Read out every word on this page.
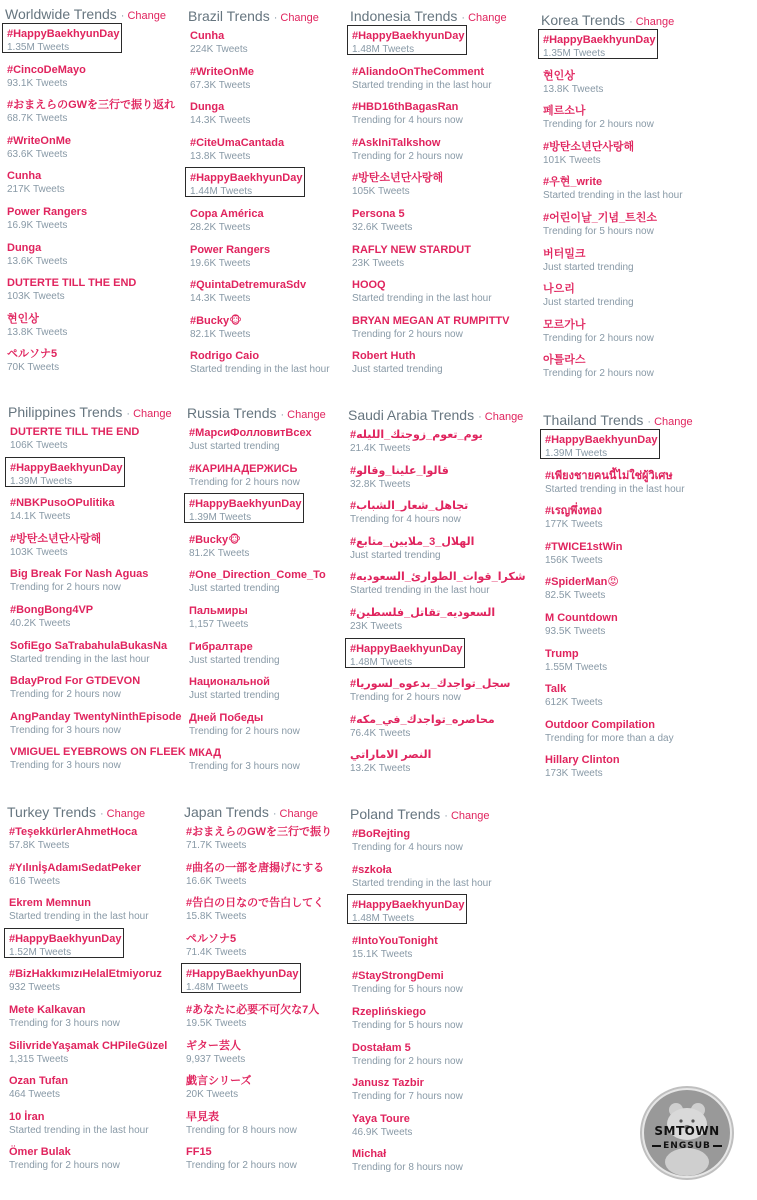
Worldwide Trends · Change
#HappyBaekhyunDay
1.35M Tweets
#CincoDeMayo
93.1K Tweets
#おまえらのGWを三行で振り返れ
68.7K Tweets
#WriteOnMe
63.6K Tweets
Cunha
217K Tweets
Power Rangers
16.9K Tweets
Dunga
13.6K Tweets
DUTERTE TILL THE END
103K Tweets
현인상
13.8K Tweets
ペルソナ5
70K Tweets
Brazil Trends · Change
Cunha
224K Tweets
#WriteOnMe
67.3K Tweets
Dunga
14.3K Tweets
#CiteUmaCantada
13.8K Tweets
#HappyBaekhyunDay
1.44M Tweets
Copa América
28.2K Tweets
Power Rangers
19.6K Tweets
#QuintaDetremuraSdv
14.3K Tweets
#Bucky🐵
82.1K Tweets
Rodrigo Caio
Started trending in the last hour
Indonesia Trends · Change
#HappyBaekhyunDay
1.48M Tweets
#AliandoOnTheComment
Started trending in the last hour
#HBD16thBagasRan
Trending for 4 hours now
#AskIniTalkshow
Trending for 2 hours now
#방탄소년단사랑해
105K Tweets
Persona 5
32.6K Tweets
RAFLY NEW STARDUT
23K Tweets
HOOQ
Started trending in the last hour
BRYAN MEGAN AT RUMPITTV
Trending for 2 hours now
Robert Huth
Just started trending
Korea Trends · Change
#HappyBaekhyunDay
1.35M Tweets
현인상
13.8K Tweets
페르소나
Trending for 2 hours now
#방탄소년단사랑해
101K Tweets
#우현_write
Started trending in the last hour
#어린이날_기념_트친소
Trending for 5 hours now
버터밀크
Just started trending
나으리
Just started trending
모르가나
Trending for 2 hours now
아틀라스
Trending for 2 hours now
Philippines Trends · Change
DUTERTE TILL THE END
106K Tweets
#HappyBaekhyunDay
1.39M Tweets
#NBKPusoOPulitika
14.1K Tweets
#방탄소년단사랑해
103K Tweets
Big Break For Nash Aguas
Trending for 2 hours now
#BongBong4VP
40.2K Tweets
SofiEgo SaTrabahulaBukasNa
Started trending in the last hour
BdayProd For GTDEVON
Trending for 2 hours now
AngPanday TwentyNinthEpisode
Trending for 3 hours now
VMIGUEL EYEBROWS ON FLEEK
Trending for 3 hours now
Russia Trends · Change
#МарсиФолловитВсех
Just started trending
#КАРИНАДЕРЖИСЬ
Trending for 2 hours now
#HappyBaekhyunDay
1.39M Tweets
#Bucky🐵
81.2K Tweets
#One_Direction_Come_To
Just started trending
Пальмиры
1,157 Tweets
Гибралтаре
Just started trending
Национальной
Just started trending
Дней Победы
Trending for 2 hours now
МКАД
Trending for 3 hours now
Saudi Arabia Trends · Change
#يوم_تعوم_زوجتك_الليله
21.4K Tweets
#قالوا_علينا_وقالو
32.8K Tweets
#تجاهل_شعار_الشباب
Trending for 4 hours now
#الهلال_3_ملايين_متابع
Just started trending
#شكرا_قوات_الطوارئ_السعوديه
Started trending in the last hour
#السعوديه_تقاتل_فلسطين
23K Tweets
#HappyBaekhyunDay
1.48M Tweets
#سجل_تواجدك_بدعوه_لسوريا
Trending for 2 hours now
#محاصره_تواجدك_في_مكه
76.4K Tweets
النصر الاماراتي
13.2K Tweets
Thailand Trends · Change
#HappyBaekhyunDay
1.39M Tweets
#เพียงชายคนนี้ไม่ใช่ผู้วิเศษ
Started trending in the last hour
#เรญพึ่งทอง
177K Tweets
#TWICE1stWin
156K Tweets
#SpiderMan😡
82.5K Tweets
M Countdown
93.5K Tweets
Trump
1.55M Tweets
Talk
612K Tweets
Outdoor Compilation
Trending for more than a day
Hillary Clinton
173K Tweets
Turkey Trends · Change
#TeşekkürlerAhmetHoca
57.8K Tweets
#YılınİşAdamıSedatPeker
616 Tweets
Ekrem Memnun
Started trending in the last hour
#HappyBaekhyunDay
1.52M Tweets
#BizHakkımızıHelalEtmiyoruz
932 Tweets
Mete Kalkavan
Trending for 3 hours now
SilivrideYaşamak CHPileGüzel
1,315 Tweets
Ozan Tufan
464 Tweets
10 İran
Started trending in the last hour
Ömer Bulak
Trending for 2 hours now
Japan Trends · Change
#おまえらのGWを三行で振り
71.7K Tweets
#曲名の一部を唐揚げにする
16.6K Tweets
#告白の日なので告白してく
15.8K Tweets
ペルソナ5
71.4K Tweets
#HappyBaekhyunDay
1.48M Tweets
#あなたに必要不可欠な7人
19.5K Tweets
ギター芸人
9,937 Tweets
戯言シリーズ
20K Tweets
早見表
Trending for 8 hours now
FF15
Trending for 2 hours now
Poland Trends · Change
#BoRejting
Trending for 4 hours now
#szkoła
Started trending in the last hour
#HappyBaekhyunDay
1.48M Tweets
#IntoYouTonight
15.1K Tweets
#StayStrongDemi
Trending for 5 hours now
Rzepliński​ego
Trending for 5 hours now
Dostałam 5
Trending for 2 hours now
Janusz Tazbir
Trending for 7 hours now
Yaya Toure
46.9K Tweets
Michał
Trending for 8 hours now
SMTOWN
ENGSUB
